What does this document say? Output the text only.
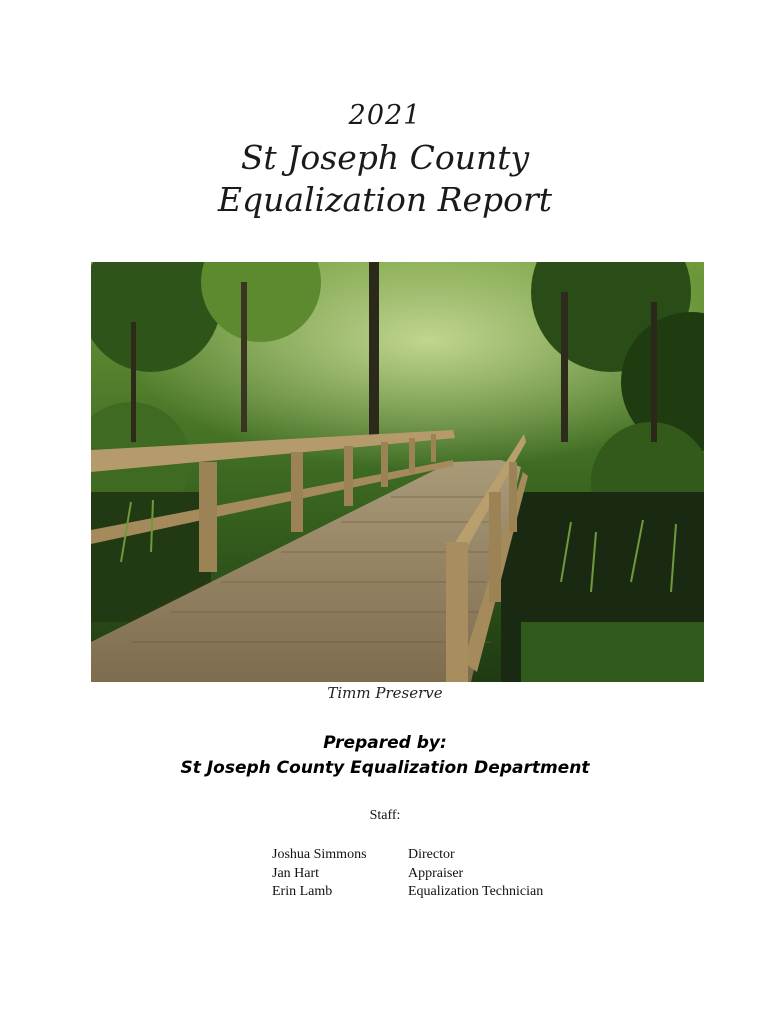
2021
St Joseph County
Equalization Report
Timm Preserve
Prepared by:
St Joseph County Equalization Department
Staff:
Joshua Simmons	Director
Jan Hart	Appraiser
Erin Lamb	Equalization Technician
